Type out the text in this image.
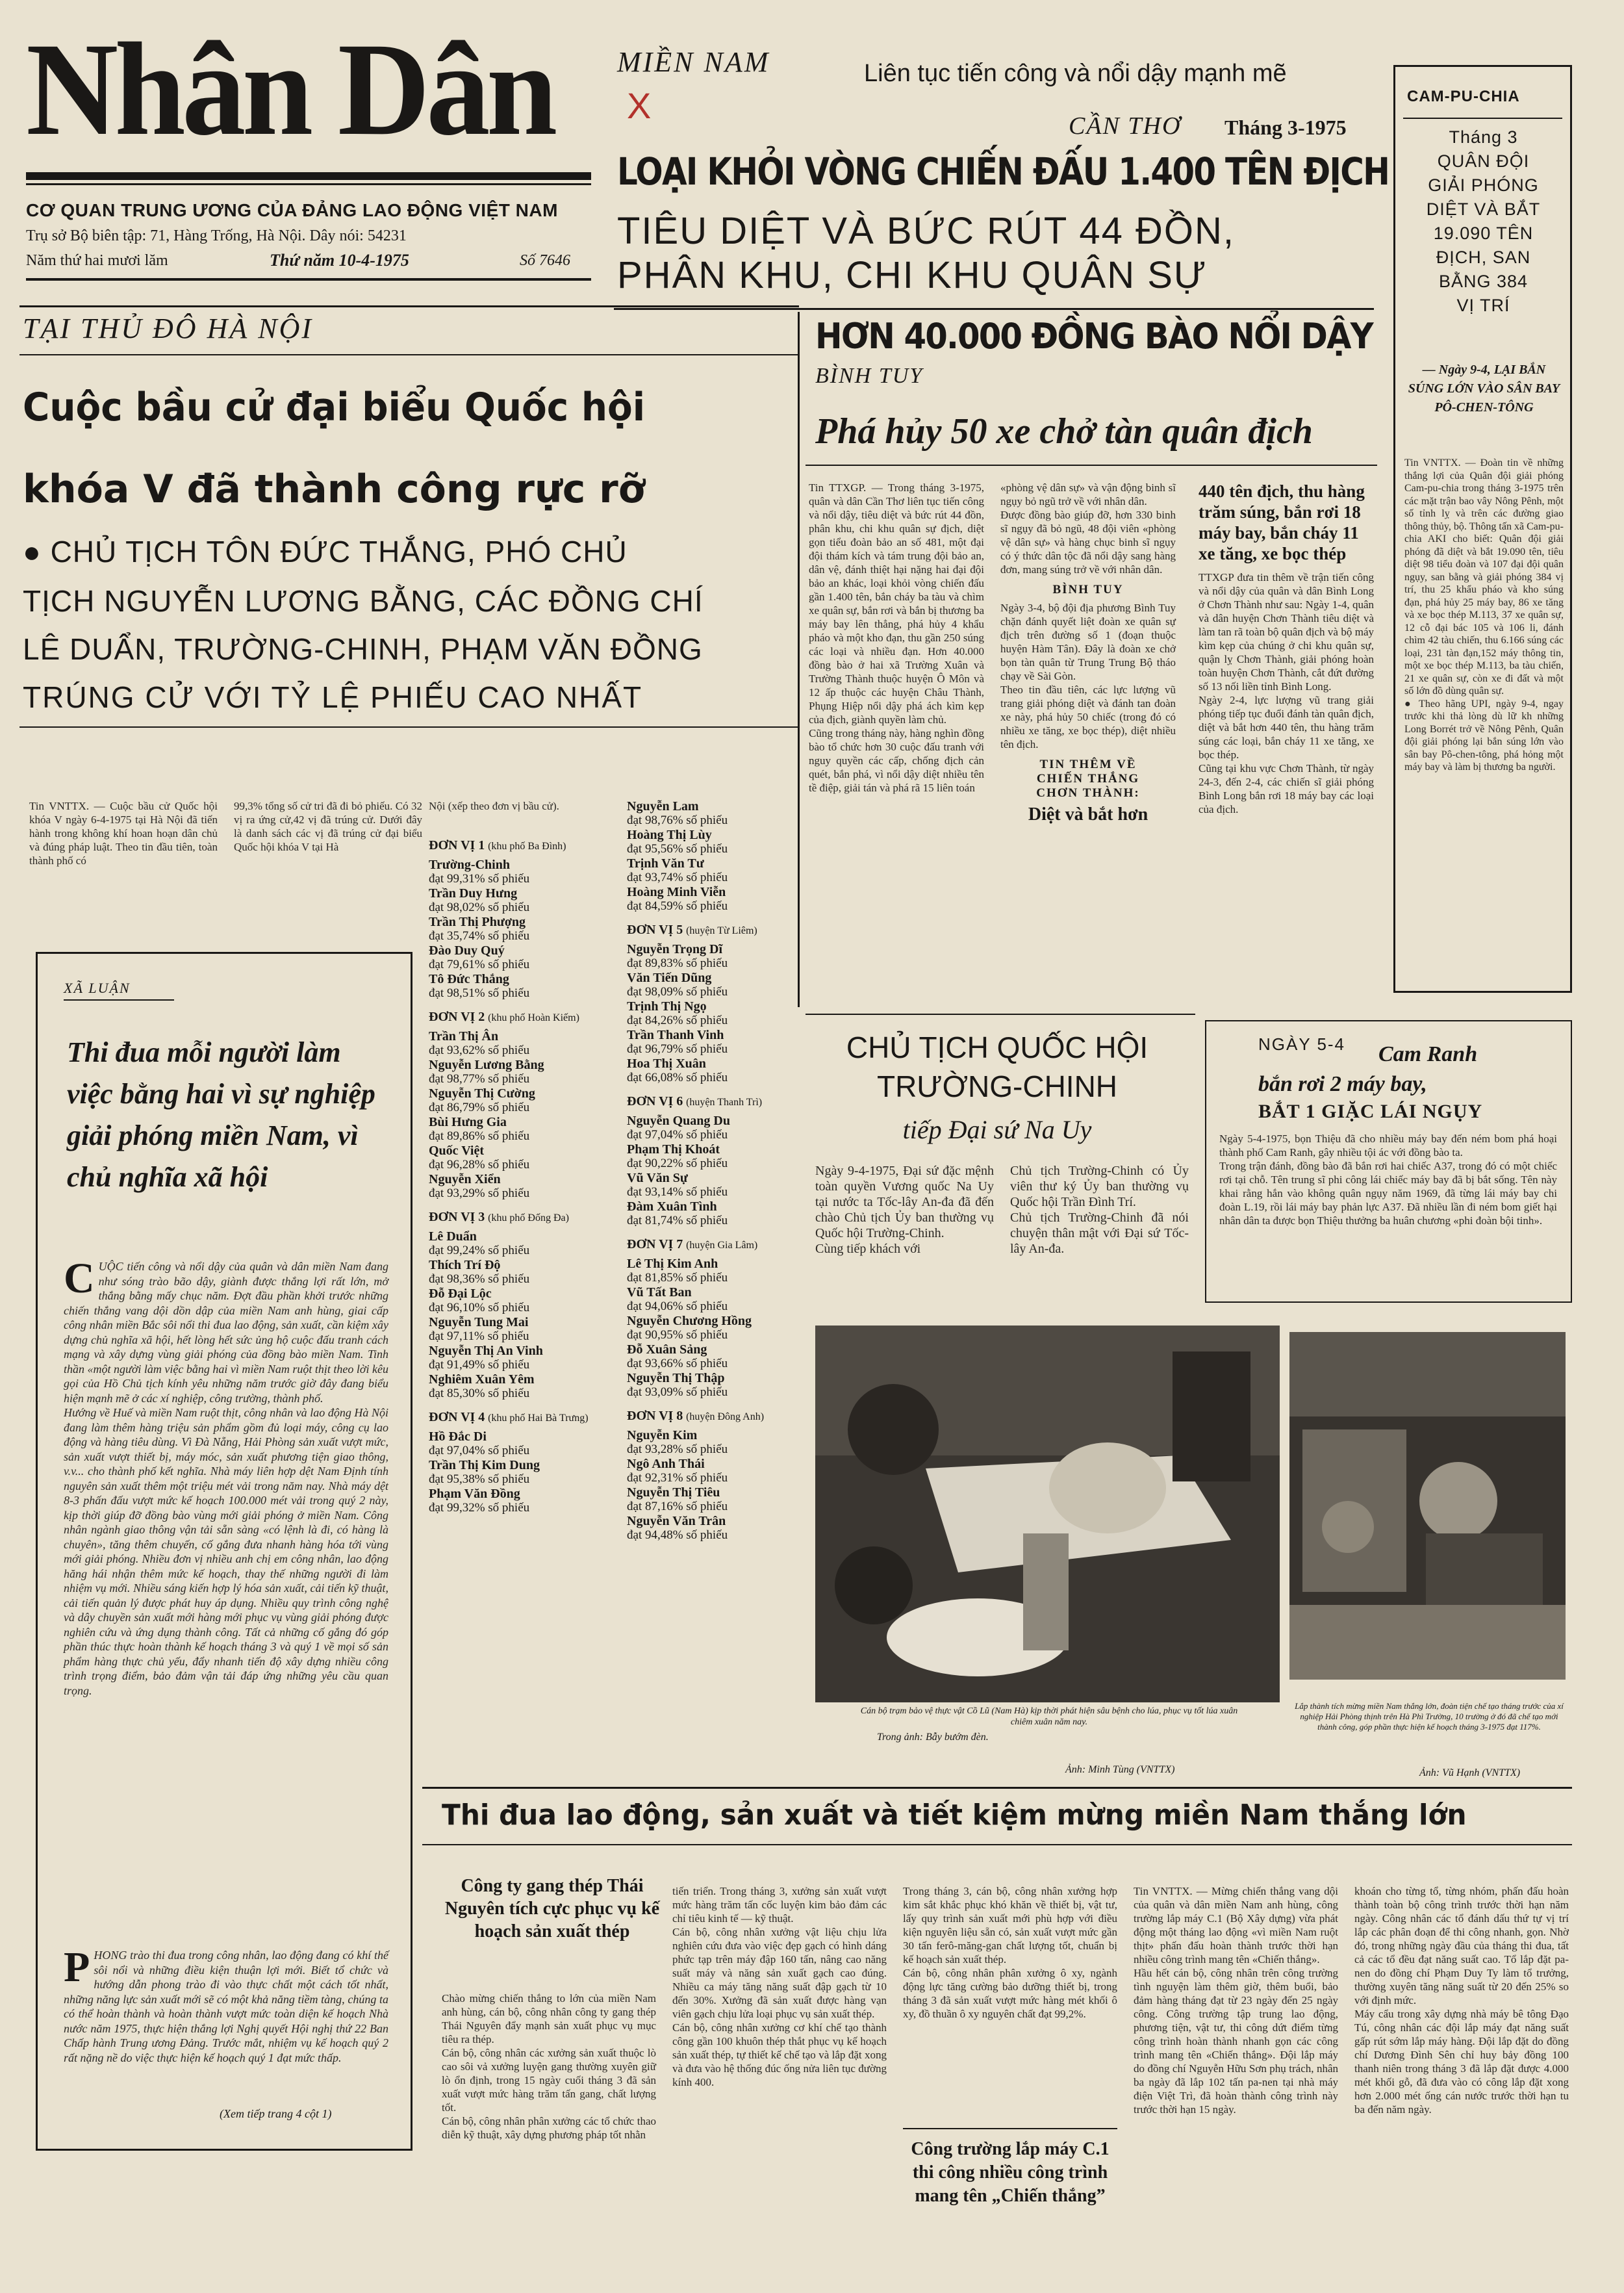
Nhân Dân
CƠ QUAN TRUNG ƯƠNG CỦA ĐẢNG LAO ĐỘNG VIỆT NAM
Trụ sở Bộ biên tập: 71, Hàng Trống, Hà Nội. Dây nói: 54231
Năm thứ hai mươi lăm	Thứ năm 10-4-1975	Số 7646
MIỀN NAM
X
Liên tục tiến công và nổi dậy mạnh mẽ
CẦN THƠ Tháng 3-1975
LOẠI KHỎI VÒNG CHIẾN ĐẤU 1.400 TÊN ĐỊCH
TIÊU DIỆT VÀ BỨC RÚT 44 ĐỒN,
PHÂN KHU, CHI KHU QUÂN SỰ
HƠN 40.000 ĐỒNG BÀO NỔI DẬY
BÌNH TUY
Phá hủy 50 xe chở tàn quân địch
Tin TTXGP. — Trong tháng 3-1975, quân và dân Cần Thơ liên tục tiến công và nổi dậy, tiêu diệt và bức rút 44 đồn, phân khu, chi khu quân sự địch, diệt gọn tiểu đoàn bảo an số 481, một đại đội thám kích và tám trung đội bảo an, dân vệ, đánh thiệt hại nặng hai đại đội bảo an khác, loại khỏi vòng chiến đấu gần 1.400 tên, bắn cháy ba tàu và chìm xe quân sự, bắn rơi và bắn bị thương ba máy bay lên thẳng, phá hủy 4 khẩu pháo và một kho đạn, thu gần 250 súng các loại và nhiều đạn. Hơn 40.000 đồng bào ở hai xã Trường Xuân và Trường Thành thuộc huyện Ô Môn và 12 ấp thuộc các huyện Châu Thành, Phụng Hiệp nổi dậy phá ách kìm kẹp của địch, giành quyền làm chủ.
Cũng trong tháng này, hàng nghìn đồng bào tổ chức hơn 30 cuộc đấu tranh với nguy quyền các cấp, chống địch cản quét, bắn phá, vì nổi dậy diệt nhiều tên tề điệp, giải tán và phá rã 15 liên toán
«phòng vệ dân sự» và vận động binh sĩ ngụy bỏ ngũ trở về với nhân dân.
Được đồng bào giúp đỡ, hơn 330 binh sĩ ngụy đã bỏ ngũ, 48 đội viên «phòng vệ dân sự» và hàng chục binh sĩ ngụy có ý thức dân tộc đã nổi dậy sang hàng đơn, mang súng trở về với nhân dân.
BÌNH TUY
Ngày 3-4, bộ đội địa phương Bình Tuy chặn đánh quyết liệt đoàn xe quân sự địch trên đường số 1 (đoạn thuộc huyện Hàm Tân). Đây là đoàn xe chở bọn tàn quân từ Trung Trung Bộ tháo chạy về Sài Gòn.
Theo tin đầu tiên, các lực lượng vũ trang giải phóng diệt và đánh tan đoàn xe này, phá hủy 50 chiếc (trong đó có nhiều xe tăng, xe bọc thép), diệt nhiều tên địch.
TIN THÊM VỀ
CHIẾN THẮNG
CHƠN THÀNH:
Diệt và bắt hơn
440 tên địch, thu hàng trăm súng, bắn rơi 18 máy bay, bắn cháy 11 xe tăng, xe bọc thép
TTXGP đưa tin thêm về trận tiến công và nổi dậy của quân và dân Bình Long ở Chơn Thành như sau: Ngày 1-4, quân và dân huyện Chơn Thành tiêu diệt và làm tan rã toàn bộ quân địch và bộ máy kìm kẹp của chúng ở chi khu quân sự, quận lỵ Chơn Thành, giải phóng hoàn toàn huyện Chơn Thành, cắt đứt đường số 13 nối liền tỉnh Bình Long.
Ngày 2-4, lực lượng vũ trang giải phóng tiếp tục đuổi đánh tàn quân địch, diệt và bắt hơn 440 tên, thu hàng trăm súng các loại, bắn cháy 11 xe tăng, xe bọc thép.
Cũng tại khu vực Chơn Thành, từ ngày 24-3, đến 2-4, các chiến sĩ giải phóng Bình Long bắn rơi 18 máy bay các loại của địch.
CAM-PU-CHIA
Tháng 3
QUÂN ĐỘI
GIẢI PHÓNG
DIỆT VÀ BẮT
19.090 TÊN
ĐỊCH, SAN
BẰNG 384
VỊ TRÍ
— Ngày 9-4, LẠI BẮN SÚNG LỚN VÀO SÂN BAY PÔ-CHEN-TÔNG
Tin VNTTX. — Đoàn tin về những thắng lợi của Quân đội giải phóng Cam-pu-chia trong tháng 3-1975 trên các mặt trận bao vây Nông Pênh, một số tỉnh lỵ và trên các đường giao thông thủy, bộ. Thông tấn xã Cam-pu-chia AKI cho biết: Quân đội giải phóng đã diệt và bắt 19.090 tên, tiêu diệt 98 tiểu đoàn và 107 đại đội quân ngụy, san bằng và giải phóng 384 vị trí, thu 25 khẩu pháo và kho súng đạn, phá hủy 25 máy bay, 86 xe tăng và xe bọc thép M.113, 37 xe quân sự, 12 cỗ đại bác 105 và 106 li, đánh chìm 42 tàu chiến, thu 6.166 súng các loại, 231 tàn đạn,152 máy thông tin, một xe bọc thép M.113, ba tàu chiến, 21 xe quân sự, còn xe đi đất và một số lớn đồ dùng quân sự.
● Theo hãng UPI, ngày 9-4, ngay trước khi thả lòng dù lữ kh những Long Borrét trở về Nông Pênh, Quân đội giải phóng lại bắn súng lớn vào sân bay Pô-chen-tông, phá hỏng một máy bay và làm bị thương ba người.
TẠI THỦ ĐÔ HÀ NỘI
Cuộc bầu cử đại biểu Quốc hội
khóa V đã thành công rực rỡ
● CHỦ TỊCH TÔN ĐỨC THẮNG, PHÓ CHỦ
TỊCH NGUYỄN LƯƠNG BẰNG, CÁC ĐỒNG CHÍ
LÊ DUẨN, TRƯỜNG-CHINH, PHẠM VĂN ĐỒNG
TRÚNG CỬ VỚI TỶ LỆ PHIẾU CAO NHẤT
Tin VNTTX. — Cuộc bầu cử Quốc hội khóa V ngày 6-4-1975 tại Hà Nội đã tiến hành trong không khí hoan hoạn dân chủ và đúng pháp luật. Theo tin đầu tiên, toàn thành phố có
99,3% tổng số cử tri đã đi bỏ phiếu. Có 32 vị ra ứng cử,42 vị đã trúng cử. Dưới đây là danh sách các vị đã trúng cử đại biểu Quốc hội khóa V tại Hà
Nội (xếp theo đơn vị bầu cử).
ĐƠN VỊ 1 (khu phố Ba Đình)
Trường-Chinh
đạt 99,31% số phiếu
Trần Duy Hưng
đạt 98,02% số phiếu
Trần Thị Phượng
đạt 35,74% số phiếu
Đào Duy Quý
đạt 79,61% số phiếu
Tô Đức Thắng
đạt 98,51% số phiếu
ĐƠN VỊ 2 (khu phố Hoàn Kiếm)
Trần Thị Ân
đạt 93,62% số phiếu
Nguyễn Lương Bằng
đạt 98,77% số phiếu
Nguyễn Thị Cường
đạt 86,79% số phiếu
Bùi Hưng Gia
đạt 89,86% số phiếu
Quốc Việt
đạt 96,28% số phiếu
Nguyễn Xiển
đạt 93,29% số phiếu
ĐƠN VỊ 3 (khu phố Đống Đa)
Lê Duẩn
đạt 99,24% số phiếu
Thích Trí Độ
đạt 98,36% số phiếu
Đỗ Đại Lộc
đạt 96,10% số phiếu
Nguyễn Tung Mai
đạt 97,11% số phiếu
Nguyễn Thị An Vinh
đạt 91,49% số phiếu
Nghiêm Xuân Yêm
đạt 85,30% số phiếu
ĐƠN VỊ 4 (khu phố Hai Bà Trưng)
Hồ Đắc Di
đạt 97,04% số phiếu
Trần Thị Kim Dung
đạt 95,38% số phiếu
Phạm Văn Đồng
đạt 99,32% số phiếu
Nguyễn Lam
đạt 98,76% số phiếu
Hoàng Thị Lùy
đạt 95,56% số phiếu
Trịnh Văn Tư
đạt 93,74% số phiếu
Hoàng Minh Viễn
đạt 84,59% số phiếu
ĐƠN VỊ 5 (huyện Từ Liêm)
Nguyễn Trọng Dĩ
đạt 89,83% số phiếu
Văn Tiến Dũng
đạt 98,09% số phiếu
Trịnh Thị Ngọ
đạt 84,26% số phiếu
Trần Thanh Vinh
đạt 96,79% số phiếu
Hoa Thị Xuân
đạt 66,08% số phiếu
ĐƠN VỊ 6 (huyện Thanh Trì)
Nguyễn Quang Du
đạt 97,04% số phiếu
Phạm Thị Khoát
đạt 90,22% số phiếu
Vũ Văn Sự
đạt 93,14% số phiếu
Đàm Xuân Tình
đạt 81,74% số phiếu
ĐƠN VỊ 7 (huyện Gia Lâm)
Lê Thị Kim Anh
đạt 81,85% số phiếu
Vũ Tất Ban
đạt 94,06% số phiếu
Nguyễn Chương Hồng
đạt 90,95% số phiếu
Đỗ Xuân Sảng
đạt 93,66% số phiếu
Nguyễn Thị Thập
đạt 93,09% số phiếu
ĐƠN VỊ 8 (huyện Đông Anh)
Nguyễn Kim
đạt 93,28% số phiếu
Ngô Anh Thái
đạt 92,31% số phiếu
Nguyễn Thị Tiêu
đạt 87,16% số phiếu
Nguyễn Văn Trân
đạt 94,48% số phiếu
XÃ LUẬN
Thi đua mỗi người làm việc bằng hai vì sự nghiệp giải phóng miền Nam, vì chủ nghĩa xã hội
C UỘC tiến công và nổi dậy của quân và dân miền Nam đang như sóng trào bão dậy, giành được thắng lợi rất lớn, mở thắng bằng mấy chục năm. Đợt đầu phần khởi trước những chiến thắng vang dội dồn dập của miền Nam anh hùng, giai cấp công nhân miền Bắc sôi nổi thi đua lao động, sản xuất, cần kiệm xây dựng chủ nghĩa xã hội, hết lòng hết sức ủng hộ cuộc đấu tranh cách mạng và xây dựng vùng giải phóng của đồng bào miền Nam. Tinh thần «một người làm việc bằng hai vì miền Nam ruột thịt theo lời kêu gọi của Hồ Chủ tịch kính yêu những năm trước giờ đây đang biểu hiện mạnh mẽ ở các xí nghiệp, công trường, thành phố.
Hướng về Huế và miền Nam ruột thịt, công nhân và lao động Hà Nội đang làm thêm hàng triệu sản phẩm gồm đủ loại máy, công cụ lao động và hàng tiêu dùng. Vì Đà Nẵng, Hải Phòng sản xuất vượt mức, sản xuất vượt thiết bị, máy móc, sản xuất phương tiện giao thông, v.v... cho thành phố kết nghĩa. Nhà máy liên hợp dệt Nam Định tính nguyên sản xuất thêm một triệu mét vải trong năm nay. Nhà máy dệt 8-3 phấn đấu vượt mức kế hoạch 100.000 mét vải trong quý 2 này, kịp thời giúp đỡ đồng bào vùng mới giải phóng ở miền Nam. Công nhân ngành giao thông vận tải sẵn sàng «có lệnh là đi, có hàng là chuyên», tăng thêm chuyến, cố gắng đưa nhanh hàng hóa tới vùng mới giải phóng. Nhiều đơn vị nhiều anh chị em công nhân, lao động hăng hái nhận thêm mức kế hoạch, thay thế những người đi làm nhiệm vụ mới. Nhiều sáng kiến hợp lý hóa sản xuất, cải tiến kỹ thuật, cải tiến quản lý được phát huy áp dụng. Nhiều quy trình công nghệ và dây chuyền sản xuất mới hàng mới phục vụ vùng giải phóng được nghiên cứu và ứng dụng thành công. Tất cả những cố gắng đó góp phần thúc thực hoàn thành kế hoạch tháng 3 và quý 1 về mọi số sản phẩm hàng thực chủ yếu, đẩy nhanh tiến độ xây dựng nhiều công trình trọng điểm, bảo đảm vận tải đáp ứng những yêu cầu quan trọng.
P HONG trào thi đua trong công nhân, lao động đang có khí thế sôi nổi và những điều kiện thuận lợi mới. Biết tổ chức và hướng dẫn phong trào đi vào thực chất một cách tốt nhất, những năng lực sản xuất mới sẽ có một khả năng tiềm tàng, chúng ta có thể hoàn thành và hoàn thành vượt mức toàn diện kế hoạch Nhà nước năm 1975, thực hiện thắng lợi Nghị quyết Hội nghị thứ 22 Ban Chấp hành Trung ương Đảng. Trước mắt, nhiệm vụ kế hoạch quý 2 rất nặng nề do việc thực hiện kế hoạch quý 1 đạt mức thấp.
(Xem tiếp trang 4 cột 1)
CHỦ TỊCH QUỐC HỘI
TRƯỜNG-CHINH
tiếp Đại sứ Na Uy
Ngày 9-4-1975, Đại sứ đặc mệnh toàn quyền Vương quốc Na Uy tại nước ta Tốc-lây An-đa đã đến chào Chủ tịch Ủy ban thường vụ Quốc hội Trường-Chinh.
Cùng tiếp khách với
Chủ tịch Trường-Chinh có Ủy viên thư ký Ủy ban thường vụ Quốc hội Trần Đình Trí.
Chủ tịch Trường-Chinh đã nói chuyện thân mật với Đại sứ Tốc-lây An-đa.
NGÀY 5-4 Cam Ranh
bắn rơi 2 máy bay,
BẮT 1 GIẶC LÁI NGỤY
Ngày 5-4-1975, bọn Thiệu đã cho nhiều máy bay đến ném bom phá hoại thành phố Cam Ranh, gây nhiều tội ác với đồng bào ta.
Trong trận đánh, đồng bào đã bắn rơi hai chiếc A37, trong đó có một chiếc rơi tại chỗ. Tên trung sĩ phi công lái chiếc máy bay đã bị bắt sống. Tên này khai rằng hắn vào không quân ngụy năm 1969, đã từng lái máy bay chi đoàn L.19, rồi lái máy bay phản lực A37. Đã nhiều lần đi ném bom giết hại nhân dân ta được bọn Thiệu thưởng ba huân chương «phi đoàn bội tinh».
Cán bộ trạm bảo vệ thực vật Cồ Lũ (Nam Hà) kịp thời phát hiện sâu bệnh cho lúa, phục vụ tốt lúa xuân chiêm xuân năm nay.
Trong ảnh: Bẫy bướm đèn.
Ảnh: Minh Tùng (VNTTX)
Lắp thành tích mừng miền Nam thắng lớn, đoàn tiện chế tạo tháng trước của xí nghiệp Hải Phòng thịnh trên Hà Phì Trường, 10 trường ở đó đã chế tạo mới thành công, góp phần thực hiện kế hoạch tháng 3-1975 đạt 117%.
Ảnh: Vũ Hạnh (VNTTX)
Thi đua lao động, sản xuất và tiết kiệm mừng miền Nam thắng lớn
Công ty gang thép Thái Nguyên tích cực phục vụ kế hoạch sản xuất thép
Chào mừng chiến thắng to lớn của miền Nam anh hùng, cán bộ, công nhân công ty gang thép Thái Nguyên đẩy mạnh sản xuất phục vụ mục tiêu ra thép.
Cán bộ, công nhân các xưởng sản xuất thuộc lò cao sôi vả xưởng luyện gang thường xuyên giữ lò ổn định, trong 15 ngày cuối tháng 3 đã sản xuất vượt mức hàng trăm tấn gang, chất lượng tốt.
Cán bộ, công nhân phân xưởng các tổ chức thao diễn kỹ thuật, xây dựng phương pháp tốt nhằn
tiến triển. Trong tháng 3, xưởng sản xuất vượt mức hàng trăm tấn cốc luyện kim bảo đảm các chỉ tiêu kinh tế — kỹ thuật.
Cán bộ, công nhân xưởng vật liệu chịu lửa nghiên cứu đưa vào việc đẹp gạch có hình dáng phức tạp trên máy đập 160 tấn, nâng cao năng suất máy và năng sản xuất gạch cao đúng. Nhiều ca máy tăng năng suất đập gạch từ 10 đến 30%. Xưởng đã sản xuất được hàng vạn viên gạch chịu lửa loại phục vụ sản xuất thép.
Cán bộ, công nhân xưởng cơ khí chế tạo thành công gần 100 khuôn thép thắt phục vụ kế hoạch sản xuất thép, tự thiết kế chế tạo và lắp đặt xong và đưa vào hệ thống đúc ống nửa liên tục đường kính 400.
Trong tháng 3, cán bộ, công nhân xưởng hợp kim sắt khắc phục khó khăn về thiết bị, vật tư, lấy quy trình sản xuất mới phù hợp với điều kiện nguyên liệu sẵn có, sản xuất vượt mức gần 30 tấn ferô-măng-gan chất lượng tốt, chuẩn bị kế hoạch sản xuất thép.
Cán bộ, công nhân phân xưởng ô xy, ngành động lực tăng cường bảo dưỡng thiết bị, trong tháng 3 đã sản xuất vượt mức hàng mét khối ô xy, đồ thuần ô xy nguyên chất đạt 99,2%.
Công trường lắp máy C.1 thi công nhiều công trình mang tên „Chiến thắng”
Tin VNTTX. — Mừng chiến thắng vang dội của quân và dân miền Nam anh hùng, công trường lắp máy C.1 (Bộ Xây dựng) vừa phát động một tháng lao động «vì miền Nam ruột thịt» phấn đấu hoàn thành trước thời hạn nhiều công trình mang tên «Chiến thắng».
Hầu hết cán bộ, công nhân trên công trường tình nguyện làm thêm giờ, thêm buổi, bảo đảm hàng tháng đạt từ 23 ngày đến 25 ngày công. Công trường tập trung lao động, phương tiện, vật tư, thi công dứt điểm từng công trình hoàn thành nhanh gọn các công trình mang tên «Chiến thắng». Đội lắp máy do đồng chí Nguyễn Hữu Sơn phụ trách, nhân ba ngày đã lắp 102 tấn pa-nen tại nhà máy điện Việt Trì, đã hoàn thành công trình này trước thời hạn 15 ngày.
khoán cho từng tổ, từng nhóm, phấn đấu hoàn thành toàn bộ công trình trước thời hạn năm ngày. Công nhân các tổ đánh dấu thứ tự vị trí lắp các phân đoạn để thi công nhanh, gọn. Nhờ đó, trong những ngày đầu của tháng thi đua, tất cả các tổ đều đạt năng suất cao. Tổ lắp đặt pa-nen do đồng chí Phạm Duy Ty làm tổ trưởng, thường xuyên tăng năng suất từ 20 đến 25% so với định mức.
Máy cẩu trong xây dựng nhà máy bê tông Đạo Tú, công nhân các đội lắp máy đạt năng suất gấp rút sớm lắp máy hàng. Đội lắp đặt do đồng chí Dương Đình Sên chỉ huy bảy đồng 100 thanh niên trong tháng 3 đã lắp đặt được 4.000 mét khối gỗ, đã đưa vào có công lắp đặt xong hơn 2.000 mét ống cán nước trước thời hạn tu ba đến năm ngày.
